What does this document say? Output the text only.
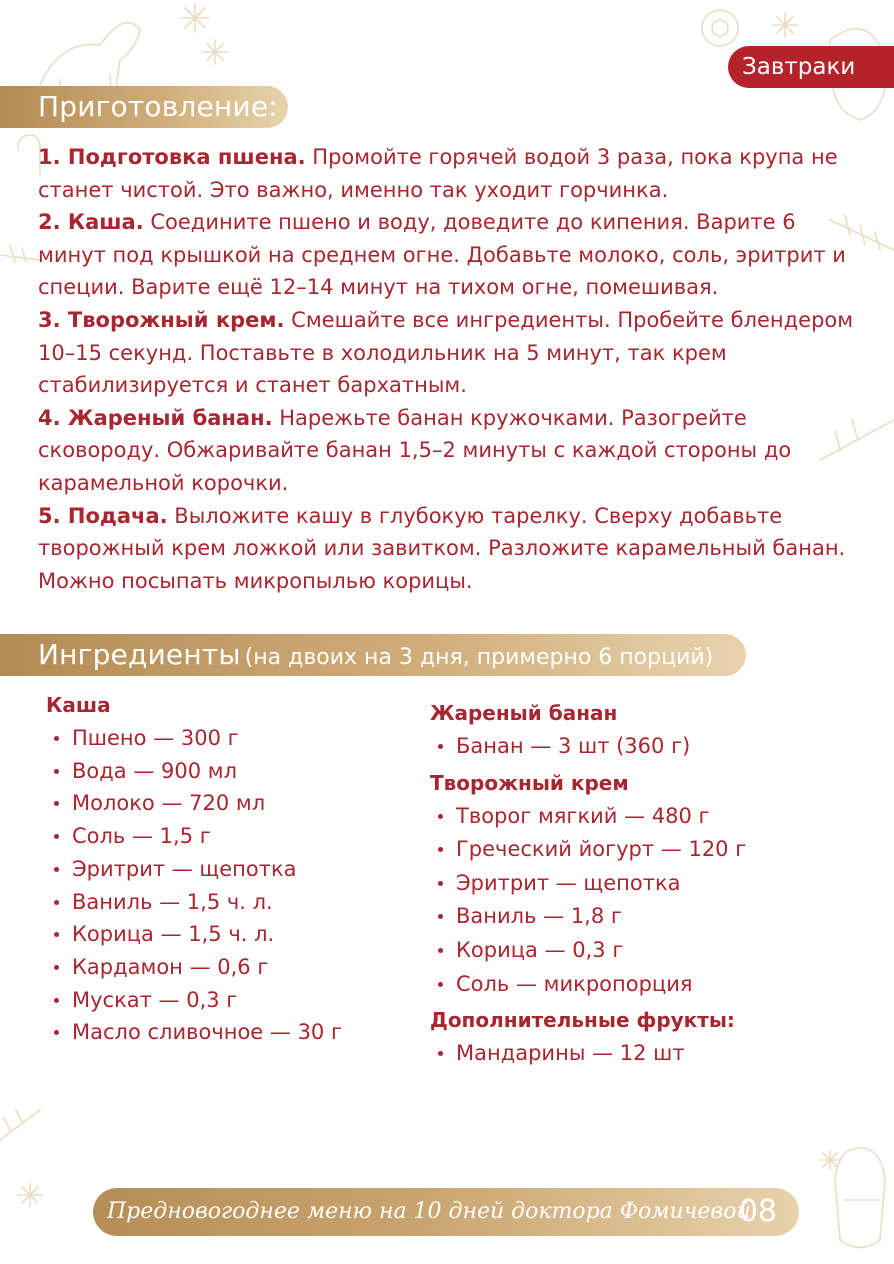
Завтраки
Приготовление:

1. Подготовка пшена. Промойте горячей водой 3 раза, пока крупа не станет чистой. Это важно, именно так уходит горчинка.

2. Каша. Соедините пшено и воду, доведите до кипения. Варите 6 минут под крышкой на среднем огне. Добавьте молоко, соль, эритрит и специи. Варите ещё 12–14 минут на тихом огне, помешивая.

3. Творожный крем. Смешайте все ингредиенты. Пробейте блендером 10–15 секунд. Поставьте в холодильник на 5 минут, так крем стабилизируется и станет бархатным.

4. Жареный банан. Нарежьте банан кружочками. Разогрейте сковороду. Обжаривайте банан 1,5–2 минуты с каждой стороны до карамельной корочки.

5. Подача. Выложите кашу в глубокую тарелку. Сверху добавьте творожный крем ложкой или завитком. Разложите карамельный банан. Можно посыпать микропылью корицы.

Ингредиенты (на двоих на 3 дня, примерно 6 порций)
Каша
Пшено — 300 г
Вода — 900 мл
Молоко — 720 мл
Соль — 1,5 г
Эритрит — щепотка
Ваниль — 1,5 ч. л.
Корица — 1,5 ч. л.
Кардамон — 0,6 г
Мускат — 0,3 г
Масло сливочное — 30 г
Жареный банан
Банан — 3 шт (360 г)
Творожный крем
Творог мягкий — 480 г
Греческий йогурт — 120 г
Эритрит — щепотка
Ваниль — 1,8 г
Корица — 0,3 г
Соль — микропорция
Дополнительные фрукты:
Мандарины — 12 шт
Предновогоднее меню на 10 дней доктора Фомичевой
08
